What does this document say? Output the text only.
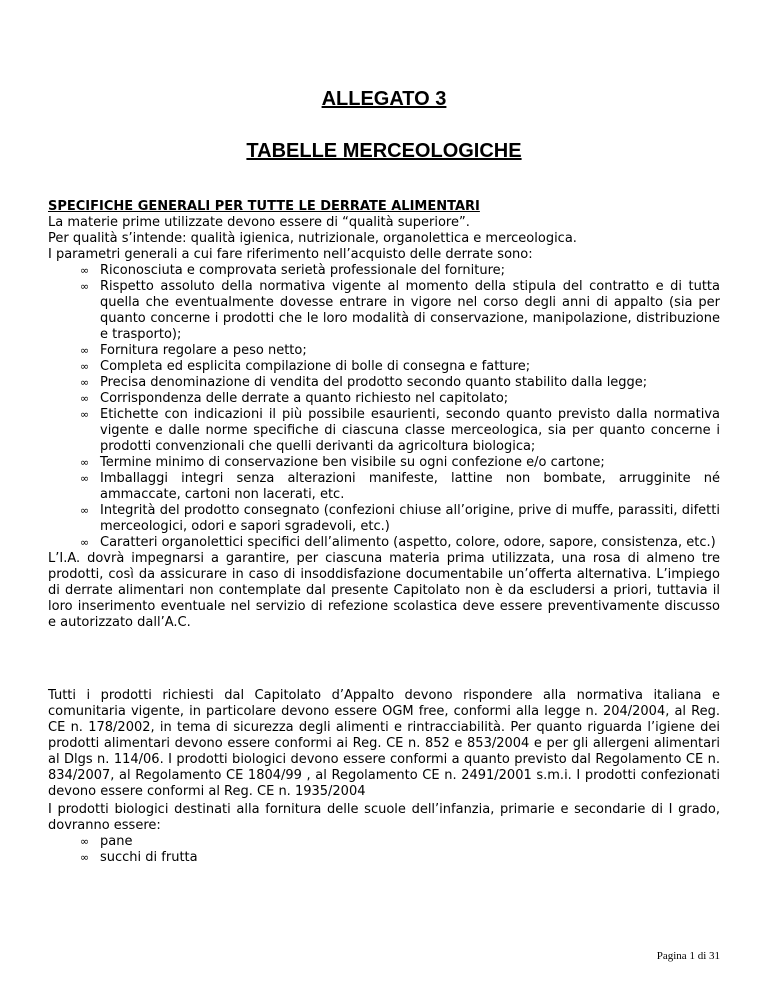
ALLEGATO 3
TABELLE MERCEOLOGICHE

SPECIFICHE GENERALI PER TUTTE LE DERRATE ALIMENTARI

La materie prime utilizzate devono essere di “qualità superiore”.

Per qualità s’intende: qualità igienica, nutrizionale, organolettica e merceologica.

I parametri generali a cui fare riferimento nell’acquisto delle derrate sono:

∞ Riconosciuta e comprovata serietà professionale del forniture;
∞ Rispetto assoluto della normativa vigente al momento della stipula del contratto e di tutta quella che eventualmente dovesse entrare in vigore nel corso degli anni di appalto (sia per quanto concerne i prodotti che le loro modalità di conservazione, manipolazione, distribuzione e trasporto);
∞ Fornitura regolare a peso netto;
∞ Completa ed esplicita compilazione di bolle di consegna e fatture;
∞ Precisa denominazione di vendita del prodotto secondo quanto stabilito dalla legge;
∞ Corrispondenza delle derrate a quanto richiesto nel capitolato;
∞ Etichette con indicazioni il più possibile esaurienti, secondo quanto previsto dalla normativa vigente e dalle norme specifiche di ciascuna classe merceologica, sia per quanto concerne i prodotti convenzionali che quelli derivanti da agricoltura biologica;
∞ Termine minimo di conservazione ben visibile su ogni confezione e/o cartone;
∞ Imballaggi integri senza alterazioni manifeste, lattine non bombate, arrugginite né ammaccate, cartoni non lacerati, etc.
∞ Integrità del prodotto consegnato (confezioni chiuse all’origine, prive di muffe, parassiti, difetti merceologici, odori e sapori sgradevoli, etc.)
∞ Caratteri organolettici specifici dell’alimento (aspetto, colore, odore, sapore, consistenza, etc.)

L’I.A. dovrà impegnarsi a garantire, per ciascuna materia prima utilizzata, una rosa di almeno tre prodotti, così da assicurare in caso di insoddisfazione documentabile un’offerta alternativa. L’impiego di derrate alimentari non contemplate dal presente Capitolato non è da escludersi a priori, tuttavia il loro inserimento eventuale nel servizio di refezione scolastica deve essere preventivamente discusso e autorizzato dall’A.C.

Tutti i prodotti richiesti dal Capitolato d’Appalto devono rispondere alla normativa italiana e comunitaria vigente, in particolare devono essere OGM free, conformi alla legge n. 204/2004, al Reg. CE n. 178/2002, in tema di sicurezza degli alimenti e rintracciabilità. Per quanto riguarda l’igiene dei prodotti alimentari devono essere conformi ai Reg. CE n. 852 e 853/2004 e per gli allergeni alimentari al Dlgs n. 114/06. I prodotti biologici devono essere conformi a quanto previsto dal Regolamento CE n. 834/2007, al Regolamento CE 1804/99 , al Regolamento CE n. 2491/2001 s.m.i. I prodotti confezionati devono essere conformi al Reg. CE n. 1935/2004

I prodotti biologici destinati alla fornitura delle scuole dell’infanzia, primarie e secondarie di I grado, dovranno essere:

∞ pane
∞ succhi di frutta
Pagina 1 di 31
